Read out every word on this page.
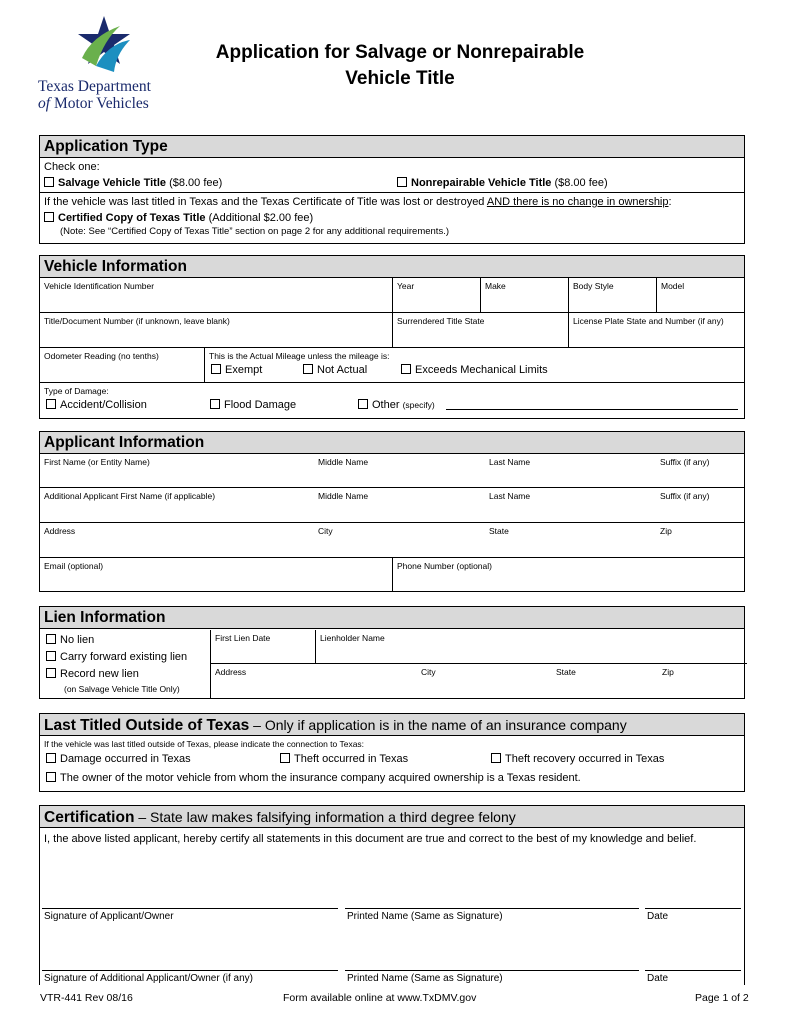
Texas Department
of Motor Vehicles
Application for Salvage or Nonrepairable
Vehicle Title
Application Type
Check one:
Salvage Vehicle Title ($8.00 fee)	Nonrepairable Vehicle Title ($8.00 fee)
If the vehicle was last titled in Texas and the Texas Certificate of Title was lost or destroyed AND there is no change in ownership:
Certified Copy of Texas Title (Additional $2.00 fee)
(Note: See “Certified Copy of Texas Title” section on page 2 for any additional requirements.)
Vehicle Information
Vehicle Identification Number	Year	Make	Body Style	Model
Title/Document Number (if unknown, leave blank)	Surrendered Title State	License Plate State and Number (if any)
Odometer Reading (no tenths)	This is the Actual Mileage unless the mileage is:
Exempt	Not Actual	Exceeds Mechanical Limits
Type of Damage:
Accident/Collision	Flood Damage	Other (specify)
Applicant Information
First Name (or Entity Name)	Middle Name	Last Name	Suffix (if any)
Additional Applicant First Name (if applicable)	Middle Name	Last Name	Suffix (if any)
Address	City	State	Zip
Email (optional)	Phone Number (optional)
Lien Information
No lien
Carry forward existing lien
Record new lien
(on Salvage Vehicle Title Only)
First Lien Date	Lienholder Name
Address	City	State	Zip
Last Titled Outside of Texas – Only if application is in the name of an insurance company
If the vehicle was last titled outside of Texas, please indicate the connection to Texas:
Damage occurred in Texas	Theft occurred in Texas	Theft recovery occurred in Texas
The owner of the motor vehicle from whom the insurance company acquired ownership is a Texas resident.
Certification – State law makes falsifying information a third degree felony
I, the above listed applicant, hereby certify all statements in this document are true and correct to the best of my knowledge and belief.
Signature of Applicant/Owner	Printed Name (Same as Signature)	Date
Signature of Additional Applicant/Owner (if any)	Printed Name (Same as Signature)	Date
VTR-441 Rev 08/16	Form available online at www.TxDMV.gov	Page 1 of 2
